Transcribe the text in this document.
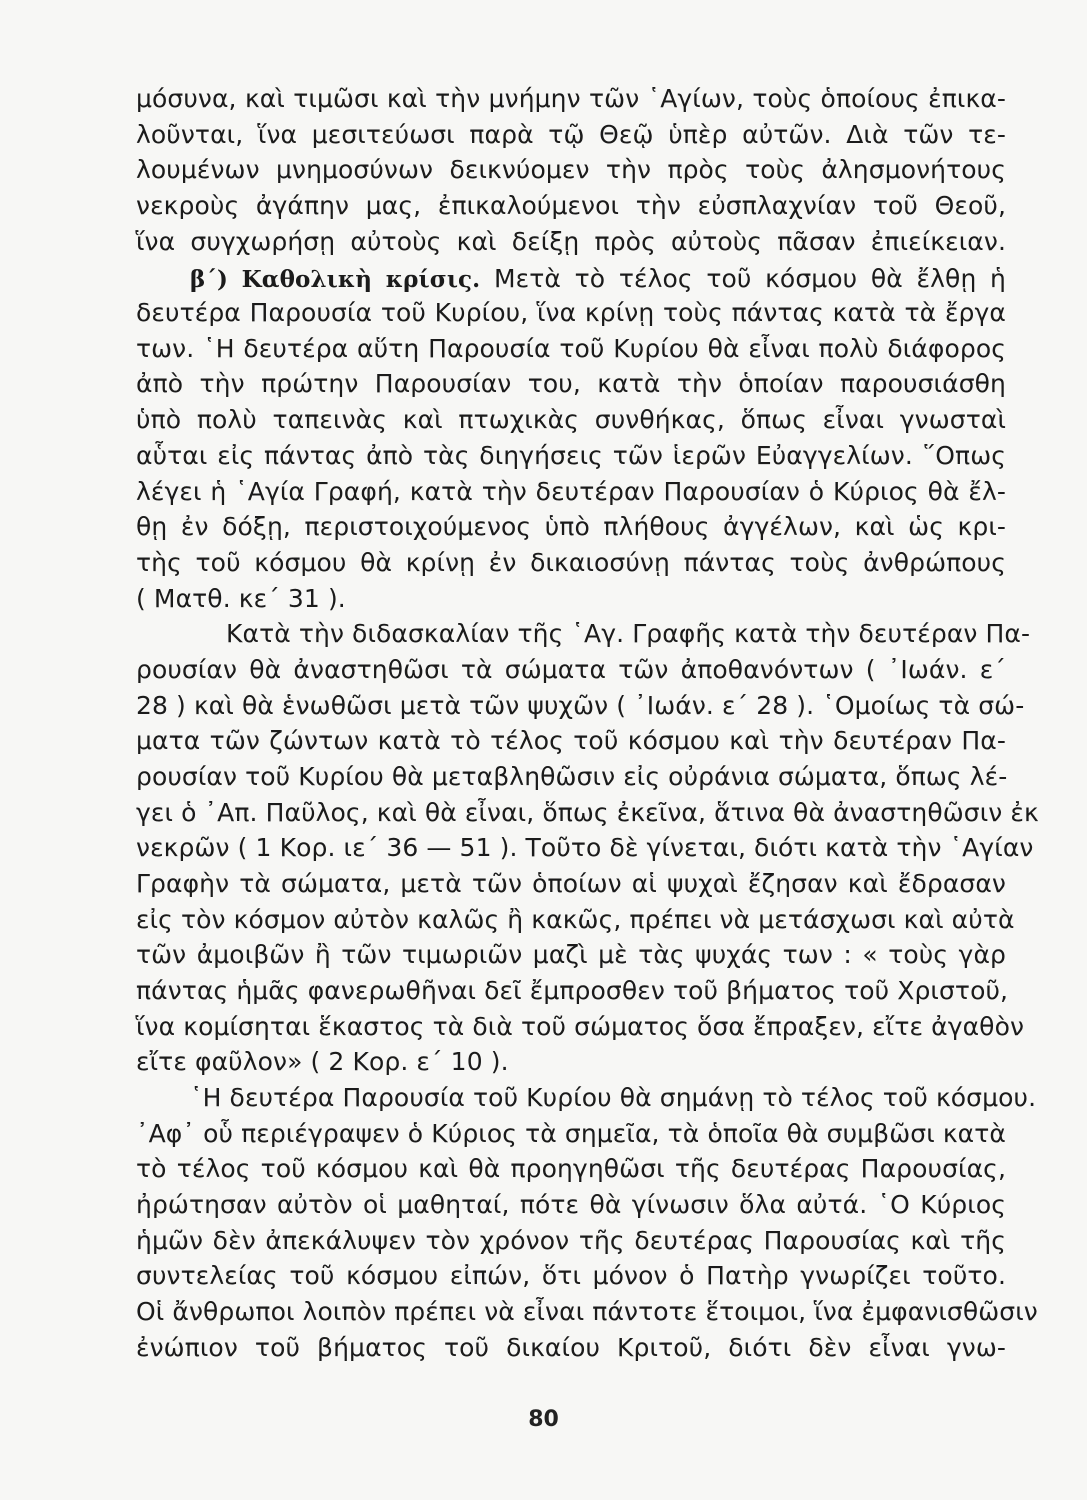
μόσυνα, καὶ τιμῶσι καὶ τὴν μνήμην τῶν ῾Αγίων, τοὺς ὁποίους ἐπικα-
λοῦνται, ἵνα μεσιτεύωσι παρὰ τῷ Θεῷ ὑπὲρ αὐτῶν. Διὰ τῶν τε-
λουμένων μνημοσύνων δεικνύομεν τὴν πρὸς τοὺς ἀλησμονήτους
νεκροὺς ἀγάπην μας, ἐπικαλούμενοι τὴν εὐσπλαχνίαν τοῦ Θεοῦ,
ἵνα συγχωρήσῃ αὐτοὺς καὶ δείξῃ πρὸς αὐτοὺς πᾶσαν ἐπιείκειαν.
β΄) Καθολικὴ κρίσις. Μετὰ τὸ τέλος τοῦ κόσμου θὰ ἔλθῃ ἡ
δευτέρα Παρουσία τοῦ Κυρίου, ἵνα κρίνῃ τοὺς πάντας κατὰ τὰ ἔργα
των. ῾Η δευτέρα αὕτη Παρουσία τοῦ Κυρίου θὰ εἶναι πολὺ διάφορος
ἀπὸ τὴν πρώτην Παρουσίαν του, κατὰ τὴν ὁποίαν παρουσιάσθη
ὑπὸ πολὺ ταπεινὰς καὶ πτωχικὰς συνθήκας, ὅπως εἶναι γνωσταὶ
αὗται εἰς πάντας ἀπὸ τὰς διηγήσεις τῶν ἱερῶν Εὐαγγελίων. ῞Οπως
λέγει ἡ ῾Αγία Γραφή, κατὰ τὴν δευτέραν Παρουσίαν ὁ Κύριος θὰ ἔλ-
θῃ ἐν δόξῃ, περιστοιχούμενος ὑπὸ πλήθους ἀγγέλων, καὶ ὡς κρι-
τὴς τοῦ κόσμου θὰ κρίνῃ ἐν δικαιοσύνῃ πάντας τοὺς ἀνθρώπους
( Ματθ. κε΄ 31 ).
Κατὰ τὴν διδασκαλίαν τῆς ῾Αγ. Γραφῆς κατὰ τὴν δευτέραν Πα-
ρουσίαν θὰ ἀναστηθῶσι τὰ σώματα τῶν ἀποθανόντων ( ᾿Ιωάν. ε΄
28 ) καὶ θὰ ἑνωθῶσι μετὰ τῶν ψυχῶν ( ᾿Ιωάν. ε΄ 28 ). ῾Ομοίως τὰ σώ-
ματα τῶν ζώντων κατὰ τὸ τέλος τοῦ κόσμου καὶ τὴν δευτέραν Πα-
ρουσίαν τοῦ Κυρίου θὰ μεταβληθῶσιν εἰς οὐράνια σώματα, ὅπως λέ-
γει ὁ ᾿Απ. Παῦλος, καὶ θὰ εἶναι, ὅπως ἐκεῖνα, ἅτινα θὰ ἀναστηθῶσιν ἐκ
νεκρῶν ( 1 Κορ. ιε΄ 36 — 51 ). Τοῦτο δὲ γίνεται, διότι κατὰ τὴν ῾Αγίαν
Γραφὴν τὰ σώματα, μετὰ τῶν ὁποίων αἱ ψυχαὶ ἔζησαν καὶ ἔδρασαν
εἰς τὸν κόσμον αὐτὸν καλῶς ἢ κακῶς, πρέπει νὰ μετάσχωσι καὶ αὐτὰ
τῶν ἀμοιβῶν ἢ τῶν τιμωριῶν μαζὶ μὲ τὰς ψυχάς των : « τοὺς γὰρ
πάντας ἡμᾶς φανερωθῆναι δεῖ ἔμπροσθεν τοῦ βήματος τοῦ Χριστοῦ,
ἵνα κομίσηται ἕκαστος τὰ διὰ τοῦ σώματος ὅσα ἔπραξεν, εἴτε ἀγαθὸν
εἴτε φαῦλον» ( 2 Κορ. ε΄ 10 ).
῾Η δευτέρα Παρουσία τοῦ Κυρίου θὰ σημάνῃ τὸ τέλος τοῦ κόσμου.
᾿Αφ᾿ οὗ περιέγραψεν ὁ Κύριος τὰ σημεῖα, τὰ ὁποῖα θὰ συμβῶσι κατὰ
τὸ τέλος τοῦ κόσμου καὶ θὰ προηγηθῶσι τῆς δευτέρας Παρουσίας,
ἠρώτησαν αὐτὸν οἱ μαθηταί, πότε θὰ γίνωσιν ὅλα αὐτά. ῾Ο Κύριος
ἡμῶν δὲν ἀπεκάλυψεν τὸν χρόνον τῆς δευτέρας Παρουσίας καὶ τῆς
συντελείας τοῦ κόσμου εἰπών, ὅτι μόνον ὁ Πατὴρ γνωρίζει τοῦτο.
Οἱ ἄνθρωποι λοιπὸν πρέπει νὰ εἶναι πάντοτε ἕτοιμοι, ἵνα ἐμφανισθῶσιν
ἐνώπιον τοῦ βήματος τοῦ δικαίου Κριτοῦ, διότι δὲν εἶναι γνω-
80
